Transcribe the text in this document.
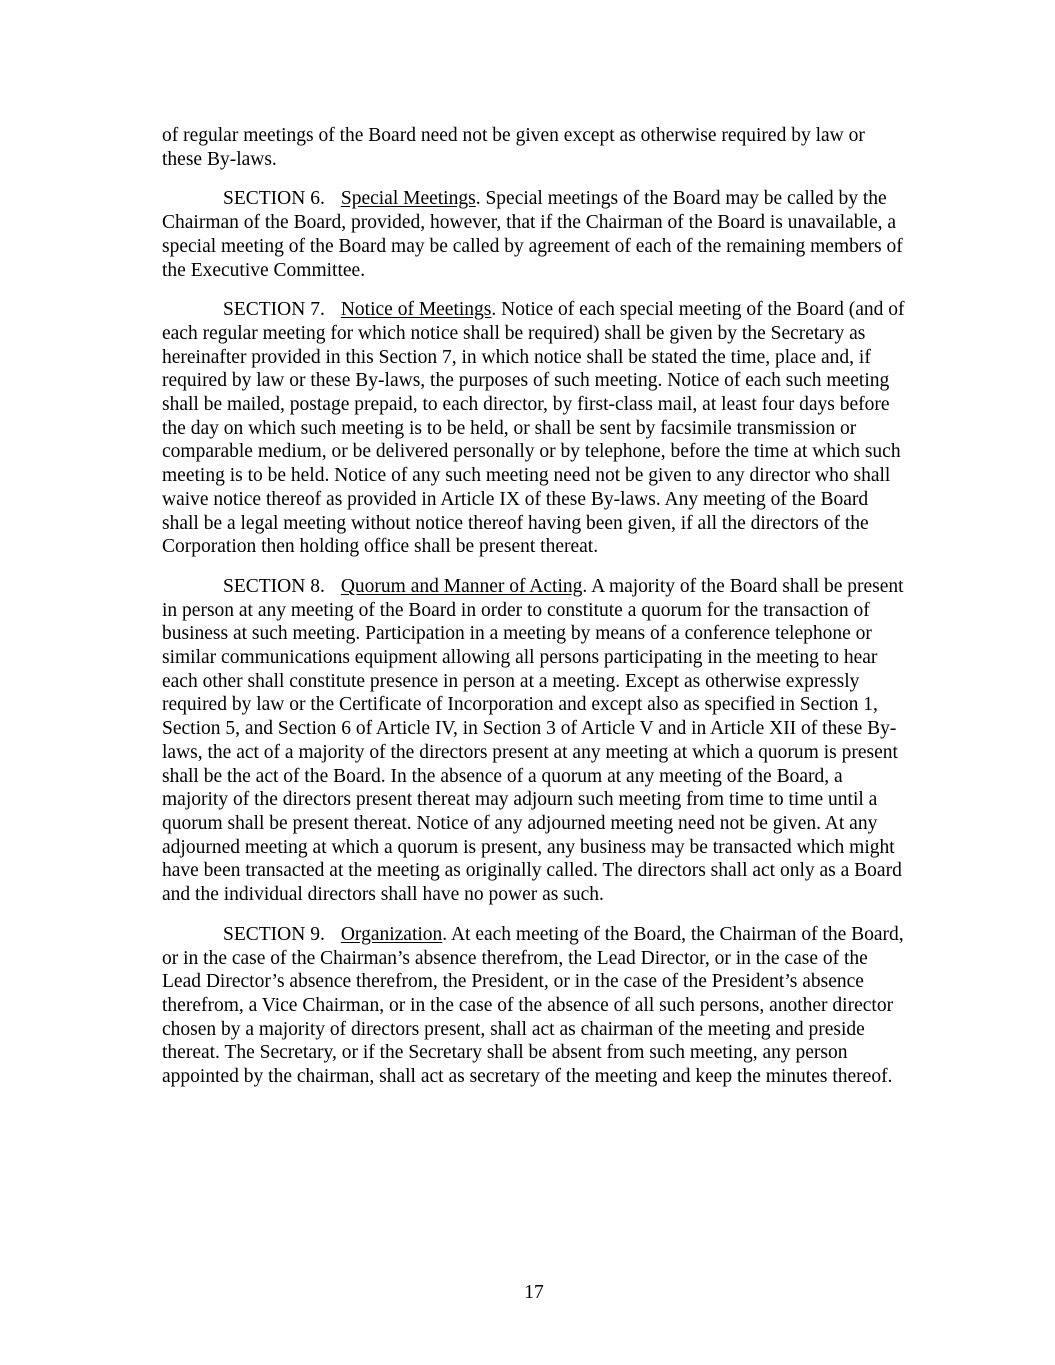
of regular meetings of the Board need not be given except as otherwise required by law or these By-laws.

SECTION 6. Special Meetings. Special meetings of the Board may be called by the Chairman of the Board, provided, however, that if the Chairman of the Board is unavailable, a special meeting of the Board may be called by agreement of each of the remaining members of the Executive Committee.

SECTION 7. Notice of Meetings. Notice of each special meeting of the Board (and of each regular meeting for which notice shall be required) shall be given by the Secretary as hereinafter provided in this Section 7, in which notice shall be stated the time, place and, if required by law or these By-laws, the purposes of such meeting. Notice of each such meeting shall be mailed, postage prepaid, to each director, by first-class mail, at least four days before the day on which such meeting is to be held, or shall be sent by facsimile transmission or comparable medium, or be delivered personally or by telephone, before the time at which such meeting is to be held. Notice of any such meeting need not be given to any director who shall waive notice thereof as provided in Article IX of these By-laws. Any meeting of the Board shall be a legal meeting without notice thereof having been given, if all the directors of the Corporation then holding office shall be present thereat.

SECTION 8. Quorum and Manner of Acting. A majority of the Board shall be present in person at any meeting of the Board in order to constitute a quorum for the transaction of business at such meeting. Participation in a meeting by means of a conference telephone or similar communications equipment allowing all persons participating in the meeting to hear each other shall constitute presence in person at a meeting. Except as otherwise expressly required by law or the Certificate of Incorporation and except also as specified in Section 1, Section 5, and Section 6 of Article IV, in Section 3 of Article V and in Article XII of these By-laws, the act of a majority of the directors present at any meeting at which a quorum is present shall be the act of the Board. In the absence of a quorum at any meeting of the Board, a majority of the directors present thereat may adjourn such meeting from time to time until a quorum shall be present thereat. Notice of any adjourned meeting need not be given. At any adjourned meeting at which a quorum is present, any business may be transacted which might have been transacted at the meeting as originally called. The directors shall act only as a Board and the individual directors shall have no power as such.

SECTION 9. Organization. At each meeting of the Board, the Chairman of the Board, or in the case of the Chairman’s absence therefrom, the Lead Director, or in the case of the Lead Director’s absence therefrom, the President, or in the case of the President’s absence therefrom, a Vice Chairman, or in the case of the absence of all such persons, another director chosen by a majority of directors present, shall act as chairman of the meeting and preside thereat. The Secretary, or if the Secretary shall be absent from such meeting, any person appointed by the chairman, shall act as secretary of the meeting and keep the minutes thereof.

17
